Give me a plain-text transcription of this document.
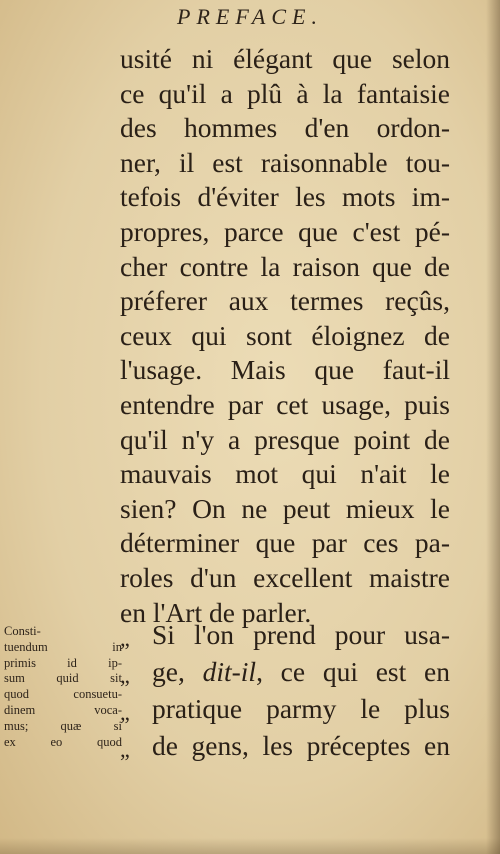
PREFACE.
usité ni élégant que selon
ce qu'il a plû à la fantaisie
des hommes d'en ordon-
ner, il est raisonnable tou-
tefois d'éviter les mots im-
propres, parce que c'est pé-
cher contre la raison que de
préferer aux termes reçûs,
ceux qui sont éloignez de
l'usage. Mais que faut-il
entendre par cet usage, puis
qu'il n'y a presque point de
mauvais mot qui n'ait le
sien? On ne peut mieux le
déterminer que par ces pa-
roles d'un excellent maistre
en l'Art de parler.
„ Si l'on prend pour usa-
„ ge, dit-il, ce qui est en
„ pratique parmy le plus
„ de gens, les préceptes en
Consti-
tuendum in
primis id ip-
sum quid sit
quod consuetu-
dinem voca-
mus; quæ si
ex eo quod
